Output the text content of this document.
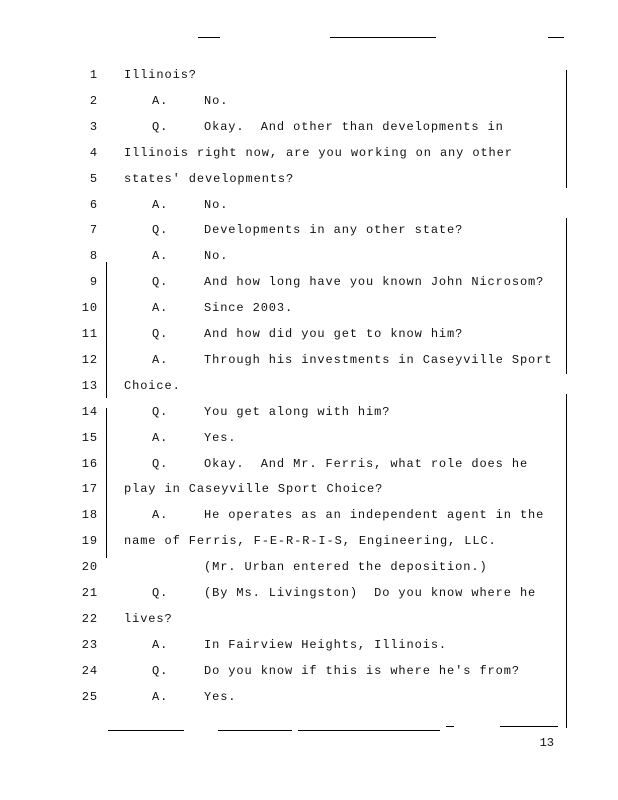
1 Illinois?
2	A.	No.
3	Q.	Okay.  And other than developments in
4 Illinois right now, are you working on any other
5 states' developments?
6	A.	No.
7	Q.	Developments in any other state?
8	A.	No.
9	Q.	And how long have you known John Nicrosom?
10	A.	Since 2003.
11	Q.	And how did you get to know him?
12	A.	Through his investments in Caseyville Sport
13 Choice.
14	Q.	You get along with him?
15	A.	Yes.
16	Q.	Okay.  And Mr. Ferris, what role does he
17 play in Caseyville Sport Choice?
18	A.	He operates as an independent agent in the
19 name of Ferris, F-E-R-R-I-S, Engineering, LLC.
20	(Mr. Urban entered the deposition.)
21	Q.	(By Ms. Livingston)  Do you know where he
22 lives?
23	A.	In Fairview Heights, Illinois.
24	Q.	Do you know if this is where he's from?
25	A.	Yes.
13
